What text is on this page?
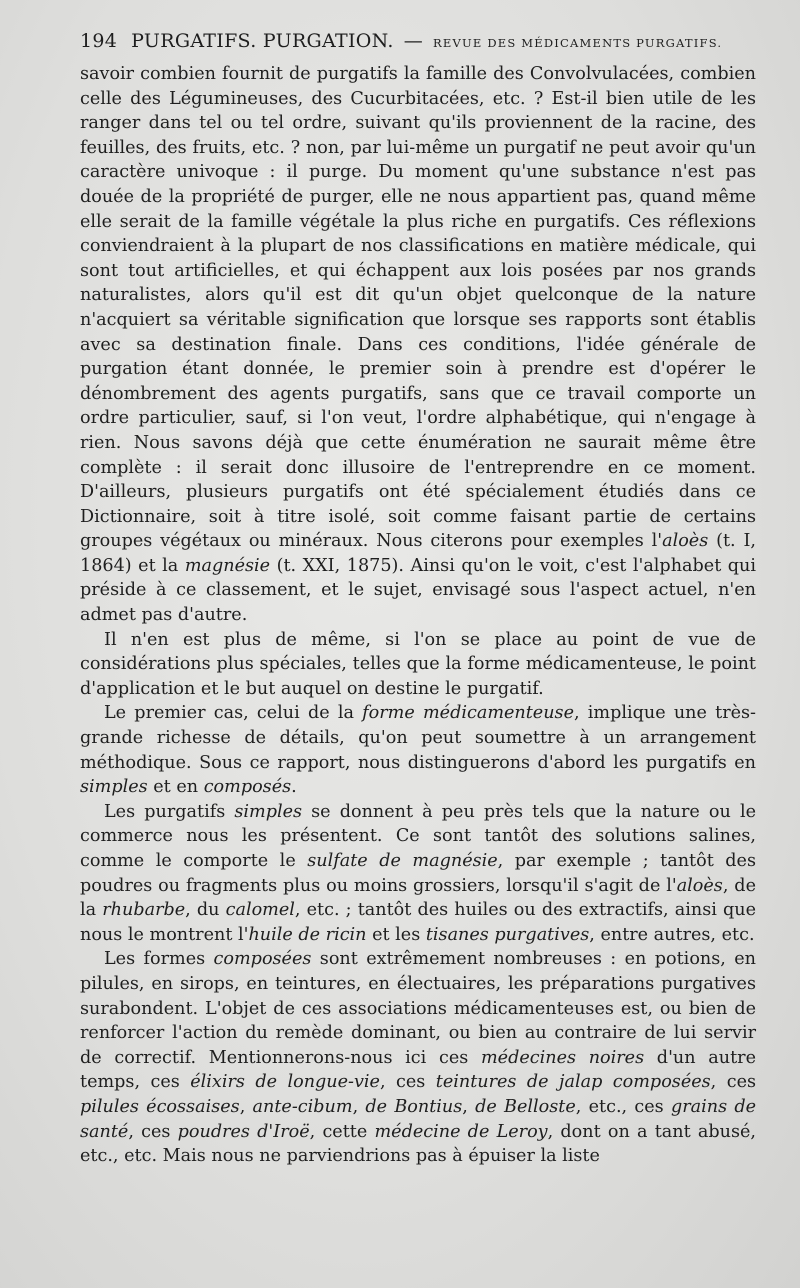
194 PURGATIFS. PURGATION. — REVUE DES MÉDICAMENTS PURGATIFS.

savoir combien fournit de purgatifs la famille des Convolvulacées, combien celle des Légumineuses, des Cucurbitacées, etc. ? Est-il bien utile de les ranger dans tel ou tel ordre, suivant qu'ils proviennent de la racine, des feuilles, des fruits, etc. ? non, par lui-même un purgatif ne peut avoir qu'un caractère univoque : il purge. Du moment qu'une substance n'est pas douée de la propriété de purger, elle ne nous appartient pas, quand même elle serait de la famille végétale la plus riche en purgatifs. Ces réflexions conviendraient à la plupart de nos classifications en matière médicale, qui sont tout artificielles, et qui échappent aux lois posées par nos grands naturalistes, alors qu'il est dit qu'un objet quelconque de la nature n'acquiert sa véritable signification que lorsque ses rapports sont établis avec sa destination finale. Dans ces conditions, l'idée générale de purgation étant donnée, le premier soin à prendre est d'opérer le dénombrement des agents purgatifs, sans que ce travail comporte un ordre particulier, sauf, si l'on veut, l'ordre alphabétique, qui n'engage à rien. Nous savons déjà que cette énumération ne saurait même être complète : il serait donc illusoire de l'entreprendre en ce moment. D'ailleurs, plusieurs purgatifs ont été spécialement étudiés dans ce Dictionnaire, soit à titre isolé, soit comme faisant partie de certains groupes végétaux ou minéraux. Nous citerons pour exemples l'aloès (t. I, 1864) et la magnésie (t. XXI, 1875). Ainsi qu'on le voit, c'est l'alphabet qui préside à ce classement, et le sujet, envisagé sous l'aspect actuel, n'en admet pas d'autre.

Il n'en est plus de même, si l'on se place au point de vue de considérations plus spéciales, telles que la forme médicamenteuse, le point d'application et le but auquel on destine le purgatif.

Le premier cas, celui de la forme médicamenteuse, implique une très-grande richesse de détails, qu'on peut soumettre à un arrangement méthodique. Sous ce rapport, nous distinguerons d'abord les purgatifs en simples et en composés.

Les purgatifs simples se donnent à peu près tels que la nature ou le commerce nous les présentent. Ce sont tantôt des solutions salines, comme le comporte le sulfate de magnésie, par exemple ; tantôt des poudres ou fragments plus ou moins grossiers, lorsqu'il s'agit de l'aloès, de la rhubarbe, du calomel, etc. ; tantôt des huiles ou des extractifs, ainsi que nous le montrent l'huile de ricin et les tisanes purgatives, entre autres, etc.

Les formes composées sont extrêmement nombreuses : en potions, en pilules, en sirops, en teintures, en électuaires, les préparations purgatives surabondent. L'objet de ces associations médicamenteuses est, ou bien de renforcer l'action du remède dominant, ou bien au contraire de lui servir de correctif. Mentionnerons-nous ici ces médecines noires d'un autre temps, ces élixirs de longue-vie, ces teintures de jalap composées, ces pilules écossaises, ante-cibum, de Bontius, de Belloste, etc., ces grains de santé, ces poudres d'Iroë, cette médecine de Leroy, dont on a tant abusé, etc., etc. Mais nous ne parviendrions pas à épuiser la liste
